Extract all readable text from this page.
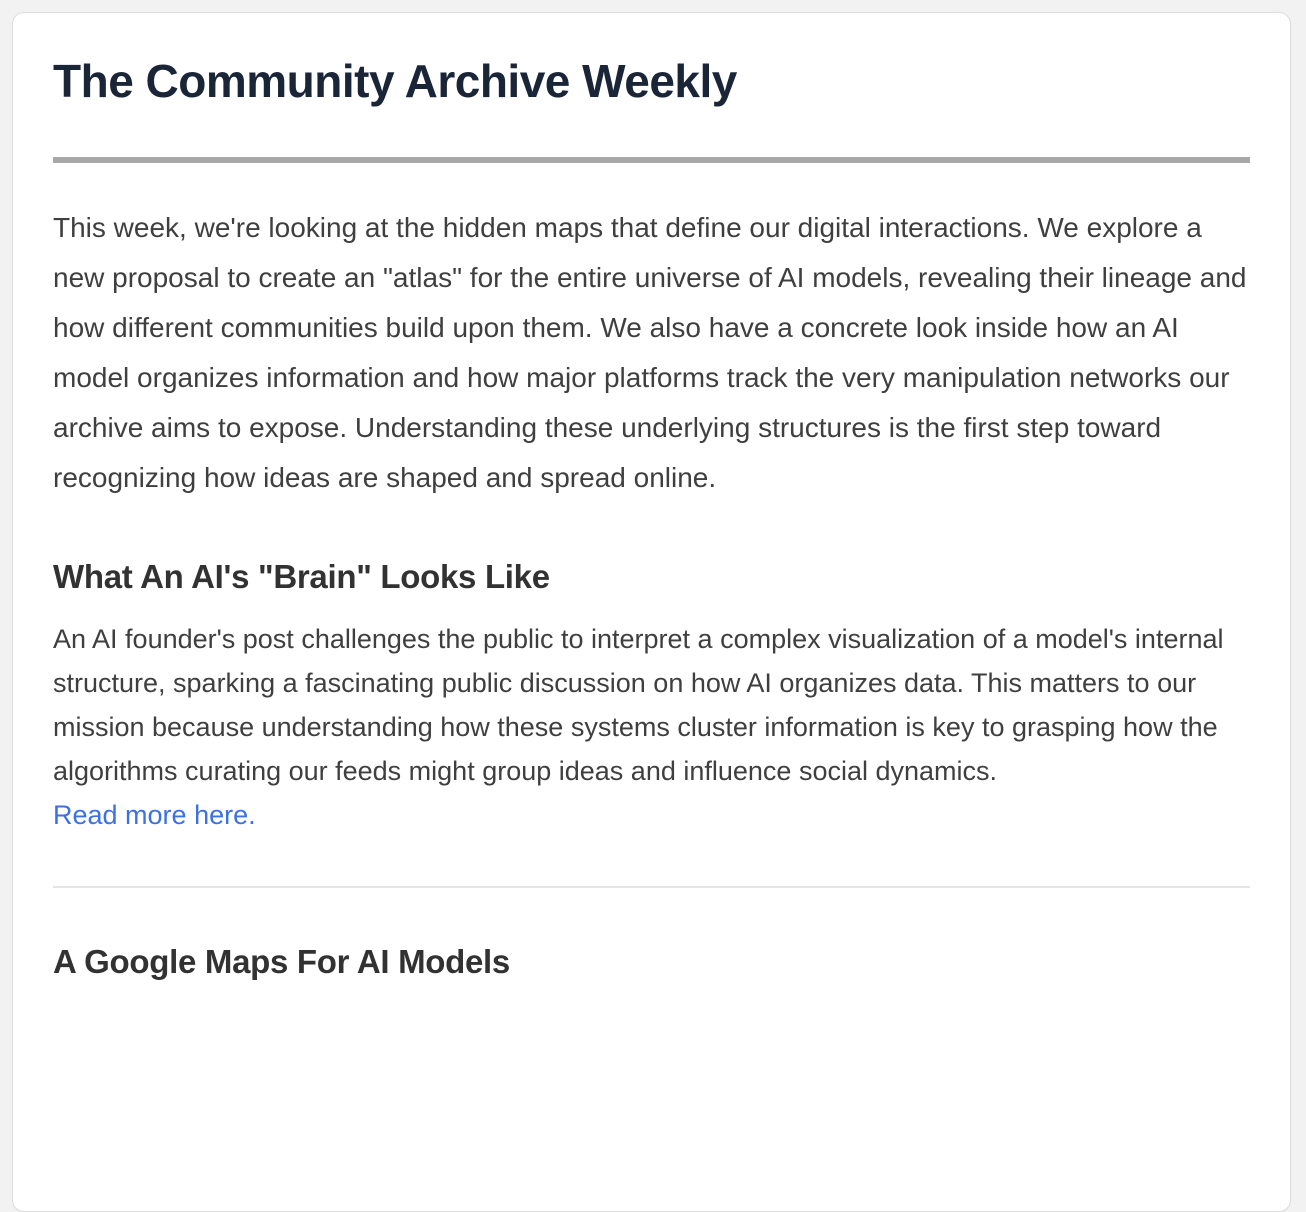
The Community Archive Weekly

This week, we're looking at the hidden maps that define our digital interactions. We explore a new proposal to create an "atlas" for the entire universe of AI models, revealing their lineage and how different communities build upon them. We also have a concrete look inside how an AI model organizes information and how major platforms track the very manipulation networks our archive aims to expose. Understanding these underlying structures is the first step toward recognizing how ideas are shaped and spread online.

What An AI's "Brain" Looks Like

An AI founder's post challenges the public to interpret a complex visualization of a model's internal structure, sparking a fascinating public discussion on how AI organizes data. This matters to our mission because understanding how these systems cluster information is key to grasping how the algorithms curating our feeds might group ideas and influence social dynamics.

Read more here.
A Google Maps For AI Models
